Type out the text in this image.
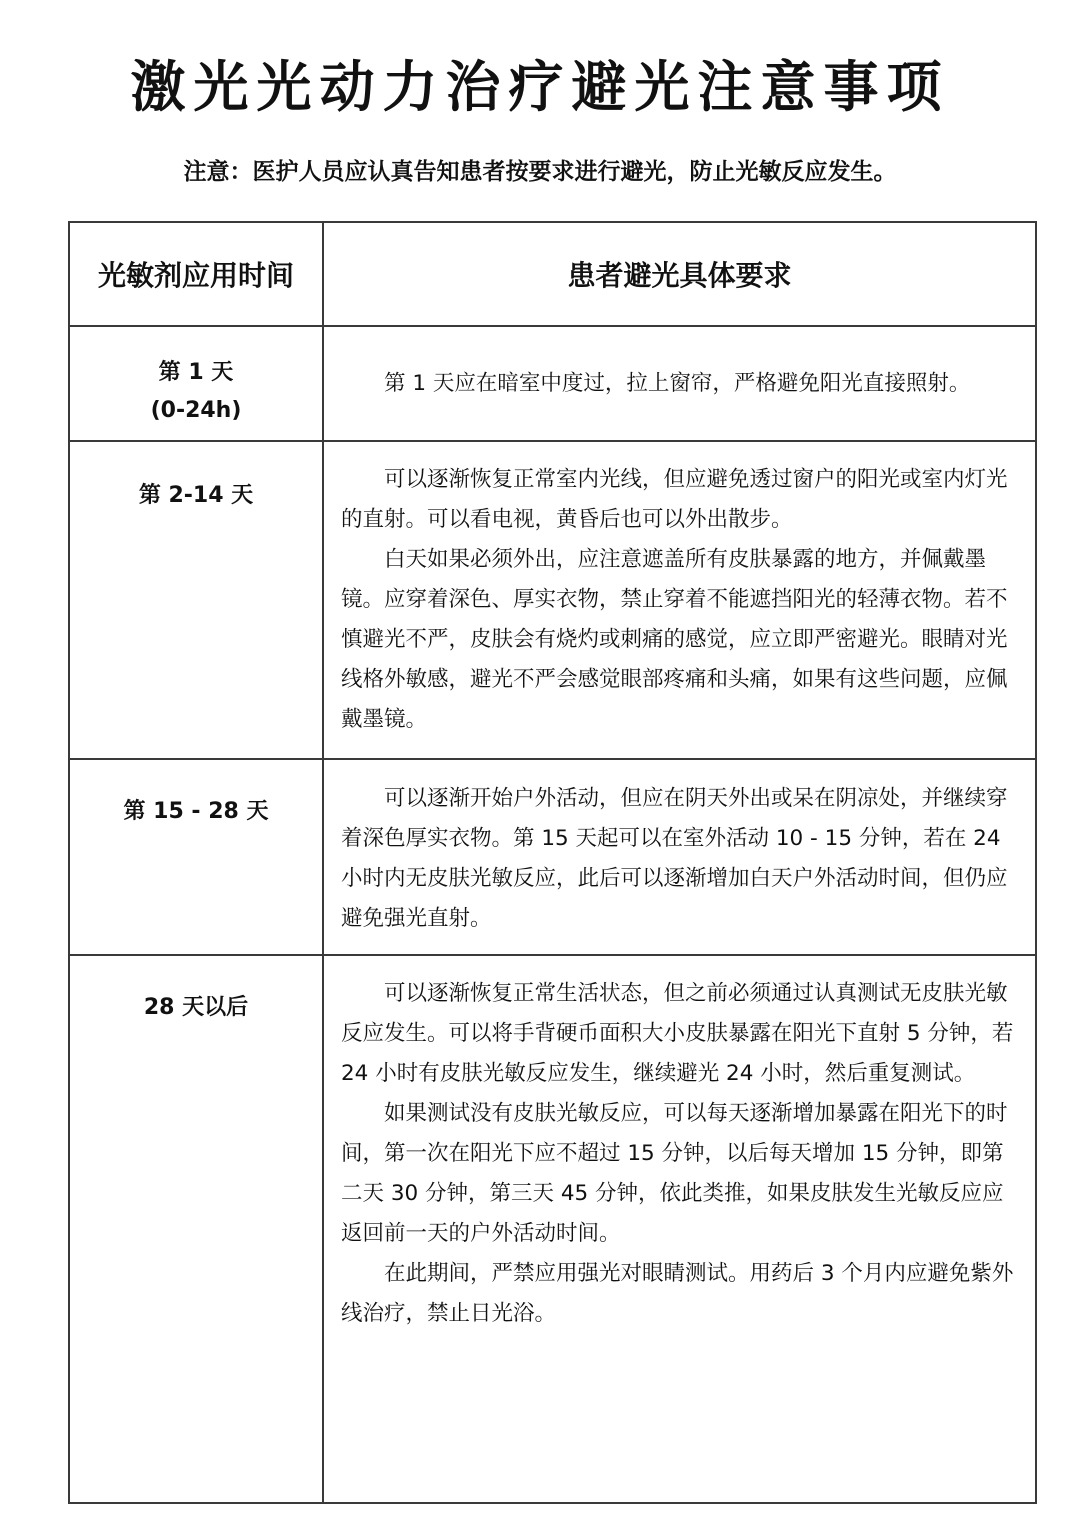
激光光动力治疗避光注意事项

注意：医护人员应认真告知患者按要求进行避光，防止光敏反应发生。

光敏剂应用时间	患者避光具体要求

第 1 天
(0-24h)	第 1 天应在暗室中度过，拉上窗帘，严格避免阳光直接照射。

第 2-14 天	可以逐渐恢复正常室内光线，但应避免透过窗户的阳光或室内灯光的直射。可以看电视，黄昏后也可以外出散步。

白天如果必须外出，应注意遮盖所有皮肤暴露的地方，并佩戴墨镜。应穿着深色、厚实衣物，禁止穿着不能遮挡阳光的轻薄衣物。若不慎避光不严，皮肤会有烧灼或刺痛的感觉，应立即严密避光。眼睛对光线格外敏感，避光不严会感觉眼部疼痛和头痛，如果有这些问题，应佩戴墨镜。

第 15 - 28 天	可以逐渐开始户外活动，但应在阴天外出或呆在阴凉处，并继续穿着深色厚实衣物。第 15 天起可以在室外活动 10 - 15 分钟，若在 24 小时内无皮肤光敏反应，此后可以逐渐增加白天户外活动时间，但仍应避免强光直射。

28 天以后	可以逐渐恢复正常生活状态，但之前必须通过认真测试无皮肤光敏反应发生。可以将手背硬币面积大小皮肤暴露在阳光下直射 5 分钟，若 24 小时有皮肤光敏反应发生，继续避光 24 小时，然后重复测试。

如果测试没有皮肤光敏反应，可以每天逐渐增加暴露在阳光下的时间，第一次在阳光下应不超过 15 分钟，以后每天增加 15 分钟，即第二天 30 分钟，第三天 45 分钟，依此类推，如果皮肤发生光敏反应应返回前一天的户外活动时间。

在此期间，严禁应用强光对眼睛测试。用药后 3 个月内应避免紫外线治疗，禁止日光浴。
